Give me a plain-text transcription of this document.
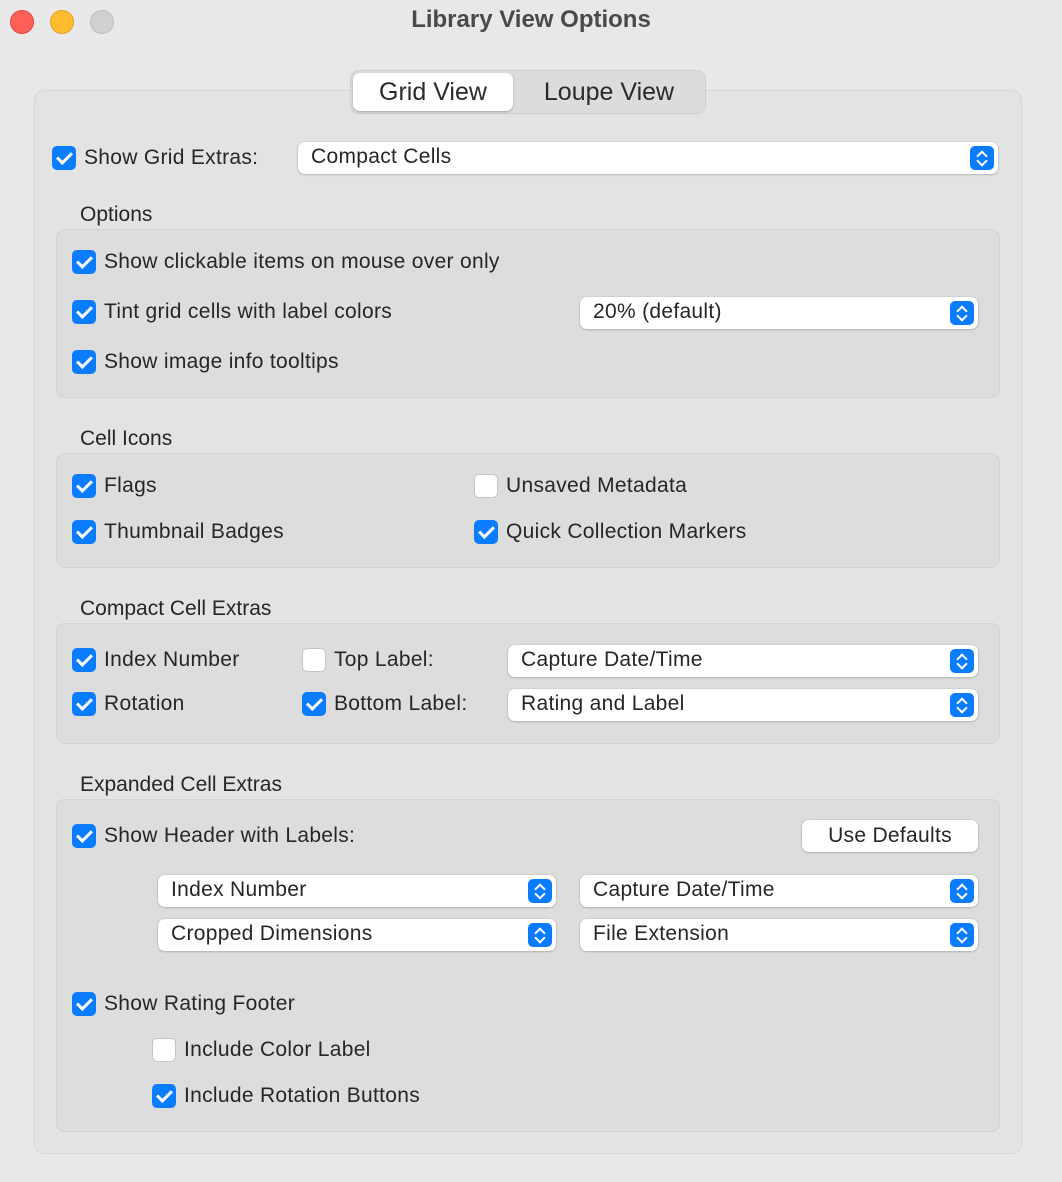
Library View Options
Grid View	Loupe View
Show Grid Extras:	Compact Cells
Options
Show clickable items on mouse over only
Tint grid cells with label colors	20% (default)
Show image info tooltips
Cell Icons
Flags	Unsaved Metadata
Thumbnail Badges	Quick Collection Markers
Compact Cell Extras
Index Number	Top Label:	Capture Date/Time
Rotation	Bottom Label:	Rating and Label
Expanded Cell Extras
Show Header with Labels:	Use Defaults
Index Number	Capture Date/Time
Cropped Dimensions	File Extension
Show Rating Footer
Include Color Label
Include Rotation Buttons
